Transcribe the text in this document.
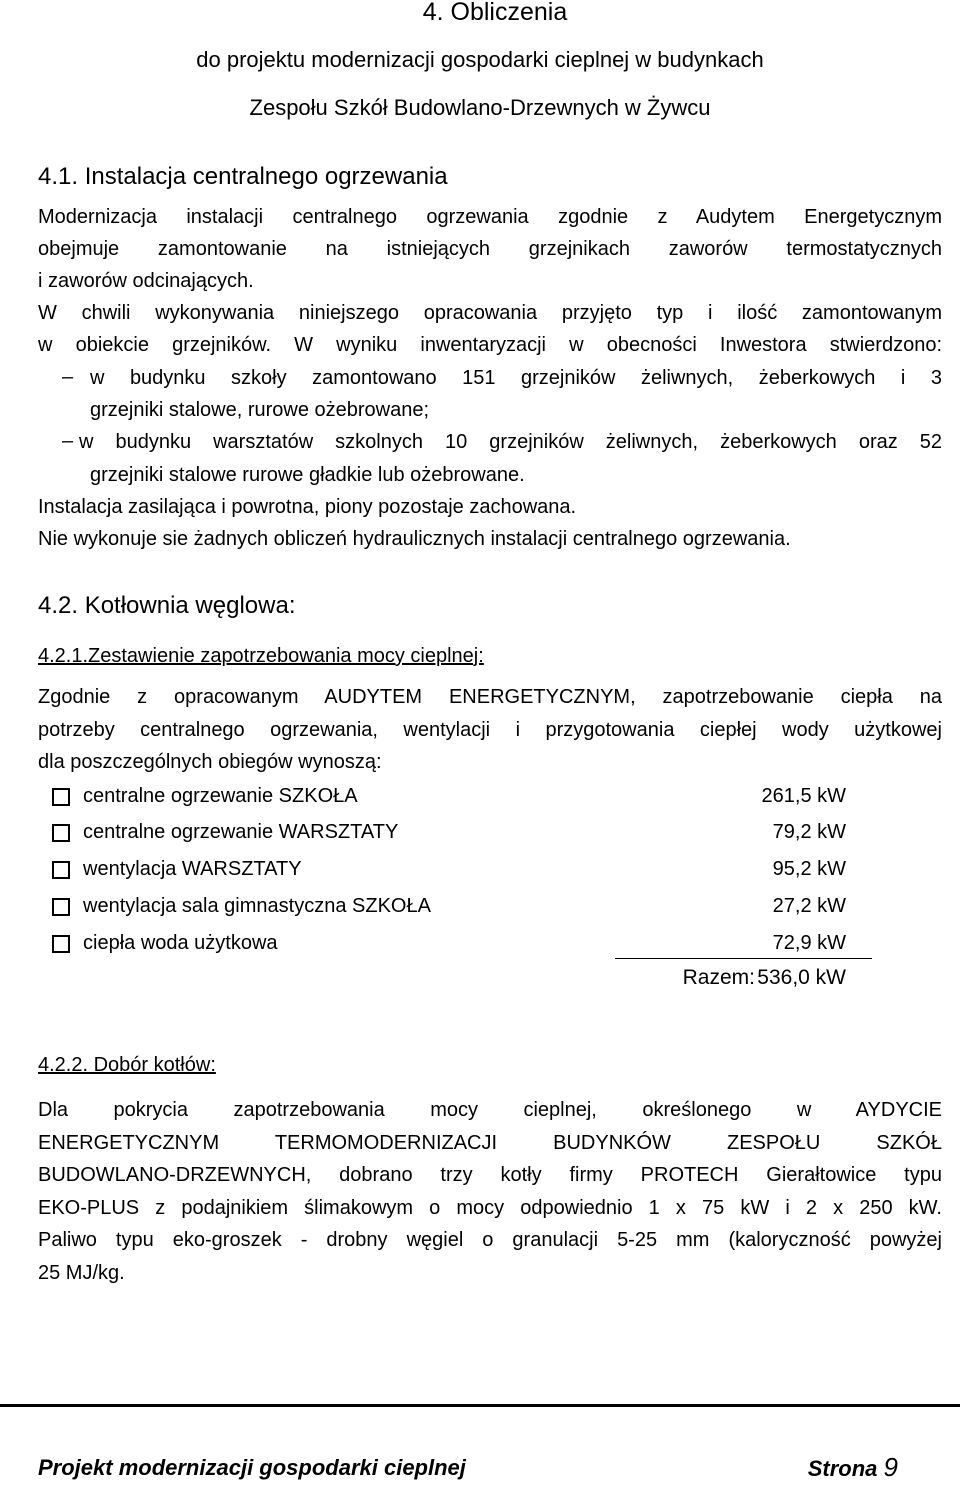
4. Obliczenia
do projektu modernizacji gospodarki cieplnej w budynkach
Zespołu Szkół Budowlano-Drzewnych w Żywcu
4.1. Instalacja centralnego ogrzewania
Modernizacja instalacji centralnego ogrzewania zgodnie z Audytem Energetycznym
obejmuje zamontowanie na istniejących grzejnikach zaworów termostatycznych
i zaworów odcinających.
W chwili wykonywania niniejszego opracowania przyjęto typ i ilość zamontowanym
w obiekcie grzejników. W wyniku inwentaryzacji w obecności Inwestora stwierdzono:
– w budynku szkoły zamontowano 151 grzejników żeliwnych, żeberkowych i 3
grzejniki stalowe, rurowe ożebrowane;
– w budynku warsztatów szkolnych 10 grzejników żeliwnych, żeberkowych oraz 52
grzejniki stalowe rurowe gładkie lub ożebrowane.
Instalacja zasilająca i powrotna, piony pozostaje zachowana.
Nie wykonuje sie żadnych obliczeń hydraulicznych instalacji centralnego ogrzewania.
4.2. Kotłownia węglowa:
4.2.1.Zestawienie zapotrzebowania mocy cieplnej:
Zgodnie z opracowanym AUDYTEM ENERGETYCZNYM, zapotrzebowanie ciepła na
potrzeby centralnego ogrzewania, wentylacji i przygotowania ciepłej wody użytkowej
dla poszczególnych obiegów wynoszą:
centralne ogrzewanie SZKOŁA	261,5 kW
centralne ogrzewanie WARSZTATY	79,2 kW
wentylacja WARSZTATY	95,2 kW
wentylacja sala gimnastyczna SZKOŁA	27,2 kW
ciepła woda użytkowa	72,9 kW
Razem: 536,0 kW
4.2.2. Dobór kotłów:
Dla pokrycia zapotrzebowania mocy cieplnej, określonego w AYDYCIE
ENERGETYCZNYM TERMOMODERNIZACJI BUDYNKÓW ZESPOŁU SZKÓŁ
BUDOWLANO-DRZEWNYCH, dobrano trzy kotły firmy PROTECH Gierałtowice typu
EKO-PLUS z podajnikiem ślimakowym o mocy odpowiednio 1 x 75 kW i 2 x 250 kW.
Paliwo typu eko-groszek - drobny węgiel o granulacji 5-25 mm (kaloryczność powyżej
25 MJ/kg.
Projekt modernizacji gospodarki cieplnej	Strona 9
